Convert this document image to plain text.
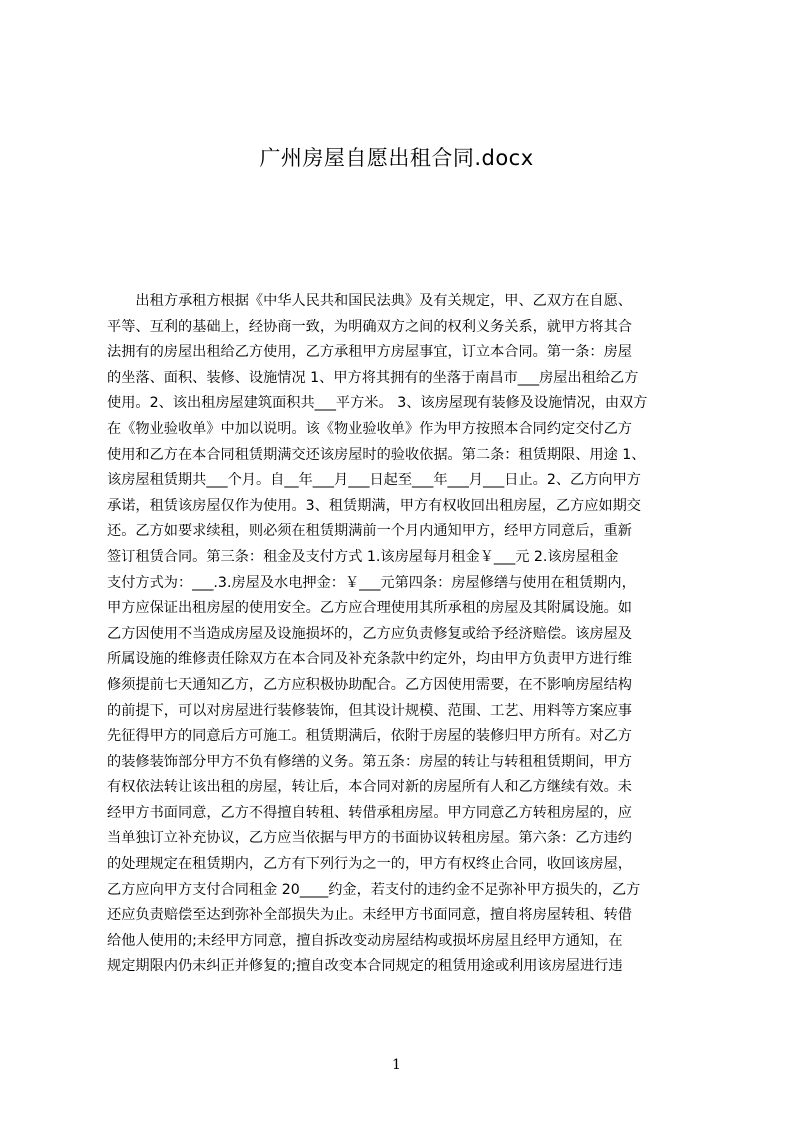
广州房屋自愿出租合同.docx
　　出租方承租方根据《中华人民共和国民法典》及有关规定，甲、乙双方在自愿、
平等、互利的基础上，经协商一致，为明确双方之间的权利义务关系，就甲方将其合
法拥有的房屋出租给乙方使用，乙方承租甲方房屋事宜，订立本合同。第一条：房屋
的坐落、面积、装修、设施情况 1、甲方将其拥有的坐落于南昌市___房屋出租给乙方
使用。2、该出租房屋建筑面积共___平方米。 3、该房屋现有装修及设施情况，由双方
在《物业验收单》中加以说明。该《物业验收单》作为甲方按照本合同约定交付乙方
使用和乙方在本合同租赁期满交还该房屋时的验收依据。第二条：租赁期限、用途 1、
该房屋租赁期共___个月。自__年___月___日起至___年___月___日止。2、乙方向甲方
承诺，租赁该房屋仅作为使用。3、租赁期满，甲方有权收回出租房屋，乙方应如期交
还。乙方如要求续租，则必须在租赁期满前一个月内通知甲方，经甲方同意后，重新
签订租赁合同。第三条：租金及支付方式 1.该房屋每月租金￥___元 2.该房屋租金
支付方式为：___.3.房屋及水电押金：￥___元第四条：房屋修缮与使用在租赁期内，
甲方应保证出租房屋的使用安全。乙方应合理使用其所承租的房屋及其附属设施。如
乙方因使用不当造成房屋及设施损坏的，乙方应负责修复或给予经济赔偿。该房屋及
所属设施的维修责任除双方在本合同及补充条款中约定外，均由甲方负责甲方进行维
修须提前七天通知乙方，乙方应积极协助配合。乙方因使用需要，在不影响房屋结构
的前提下，可以对房屋进行装修装饰，但其设计规模、范围、工艺、用料等方案应事
先征得甲方的同意后方可施工。租赁期满后，依附于房屋的装修归甲方所有。对乙方
的装修装饰部分甲方不负有修缮的义务。第五条：房屋的转让与转租租赁期间，甲方
有权依法转让该出租的房屋，转让后，本合同对新的房屋所有人和乙方继续有效。未
经甲方书面同意，乙方不得擅自转租、转借承租房屋。甲方同意乙方转租房屋的，应
当单独订立补充协议，乙方应当依据与甲方的书面协议转租房屋。第六条：乙方违约
的处理规定在租赁期内，乙方有下列行为之一的，甲方有权终止合同，收回该房屋，
乙方应向甲方支付合同租金 20____约金，若支付的违约金不足弥补甲方损失的，乙方
还应负责赔偿至达到弥补全部损失为止。未经甲方书面同意，擅自将房屋转租、转借
给他人使用的;未经甲方同意，擅自拆改变动房屋结构或损坏房屋且经甲方通知，在
规定期限内仍未纠正并修复的;擅自改变本合同规定的租赁用途或利用该房屋进行违
1
